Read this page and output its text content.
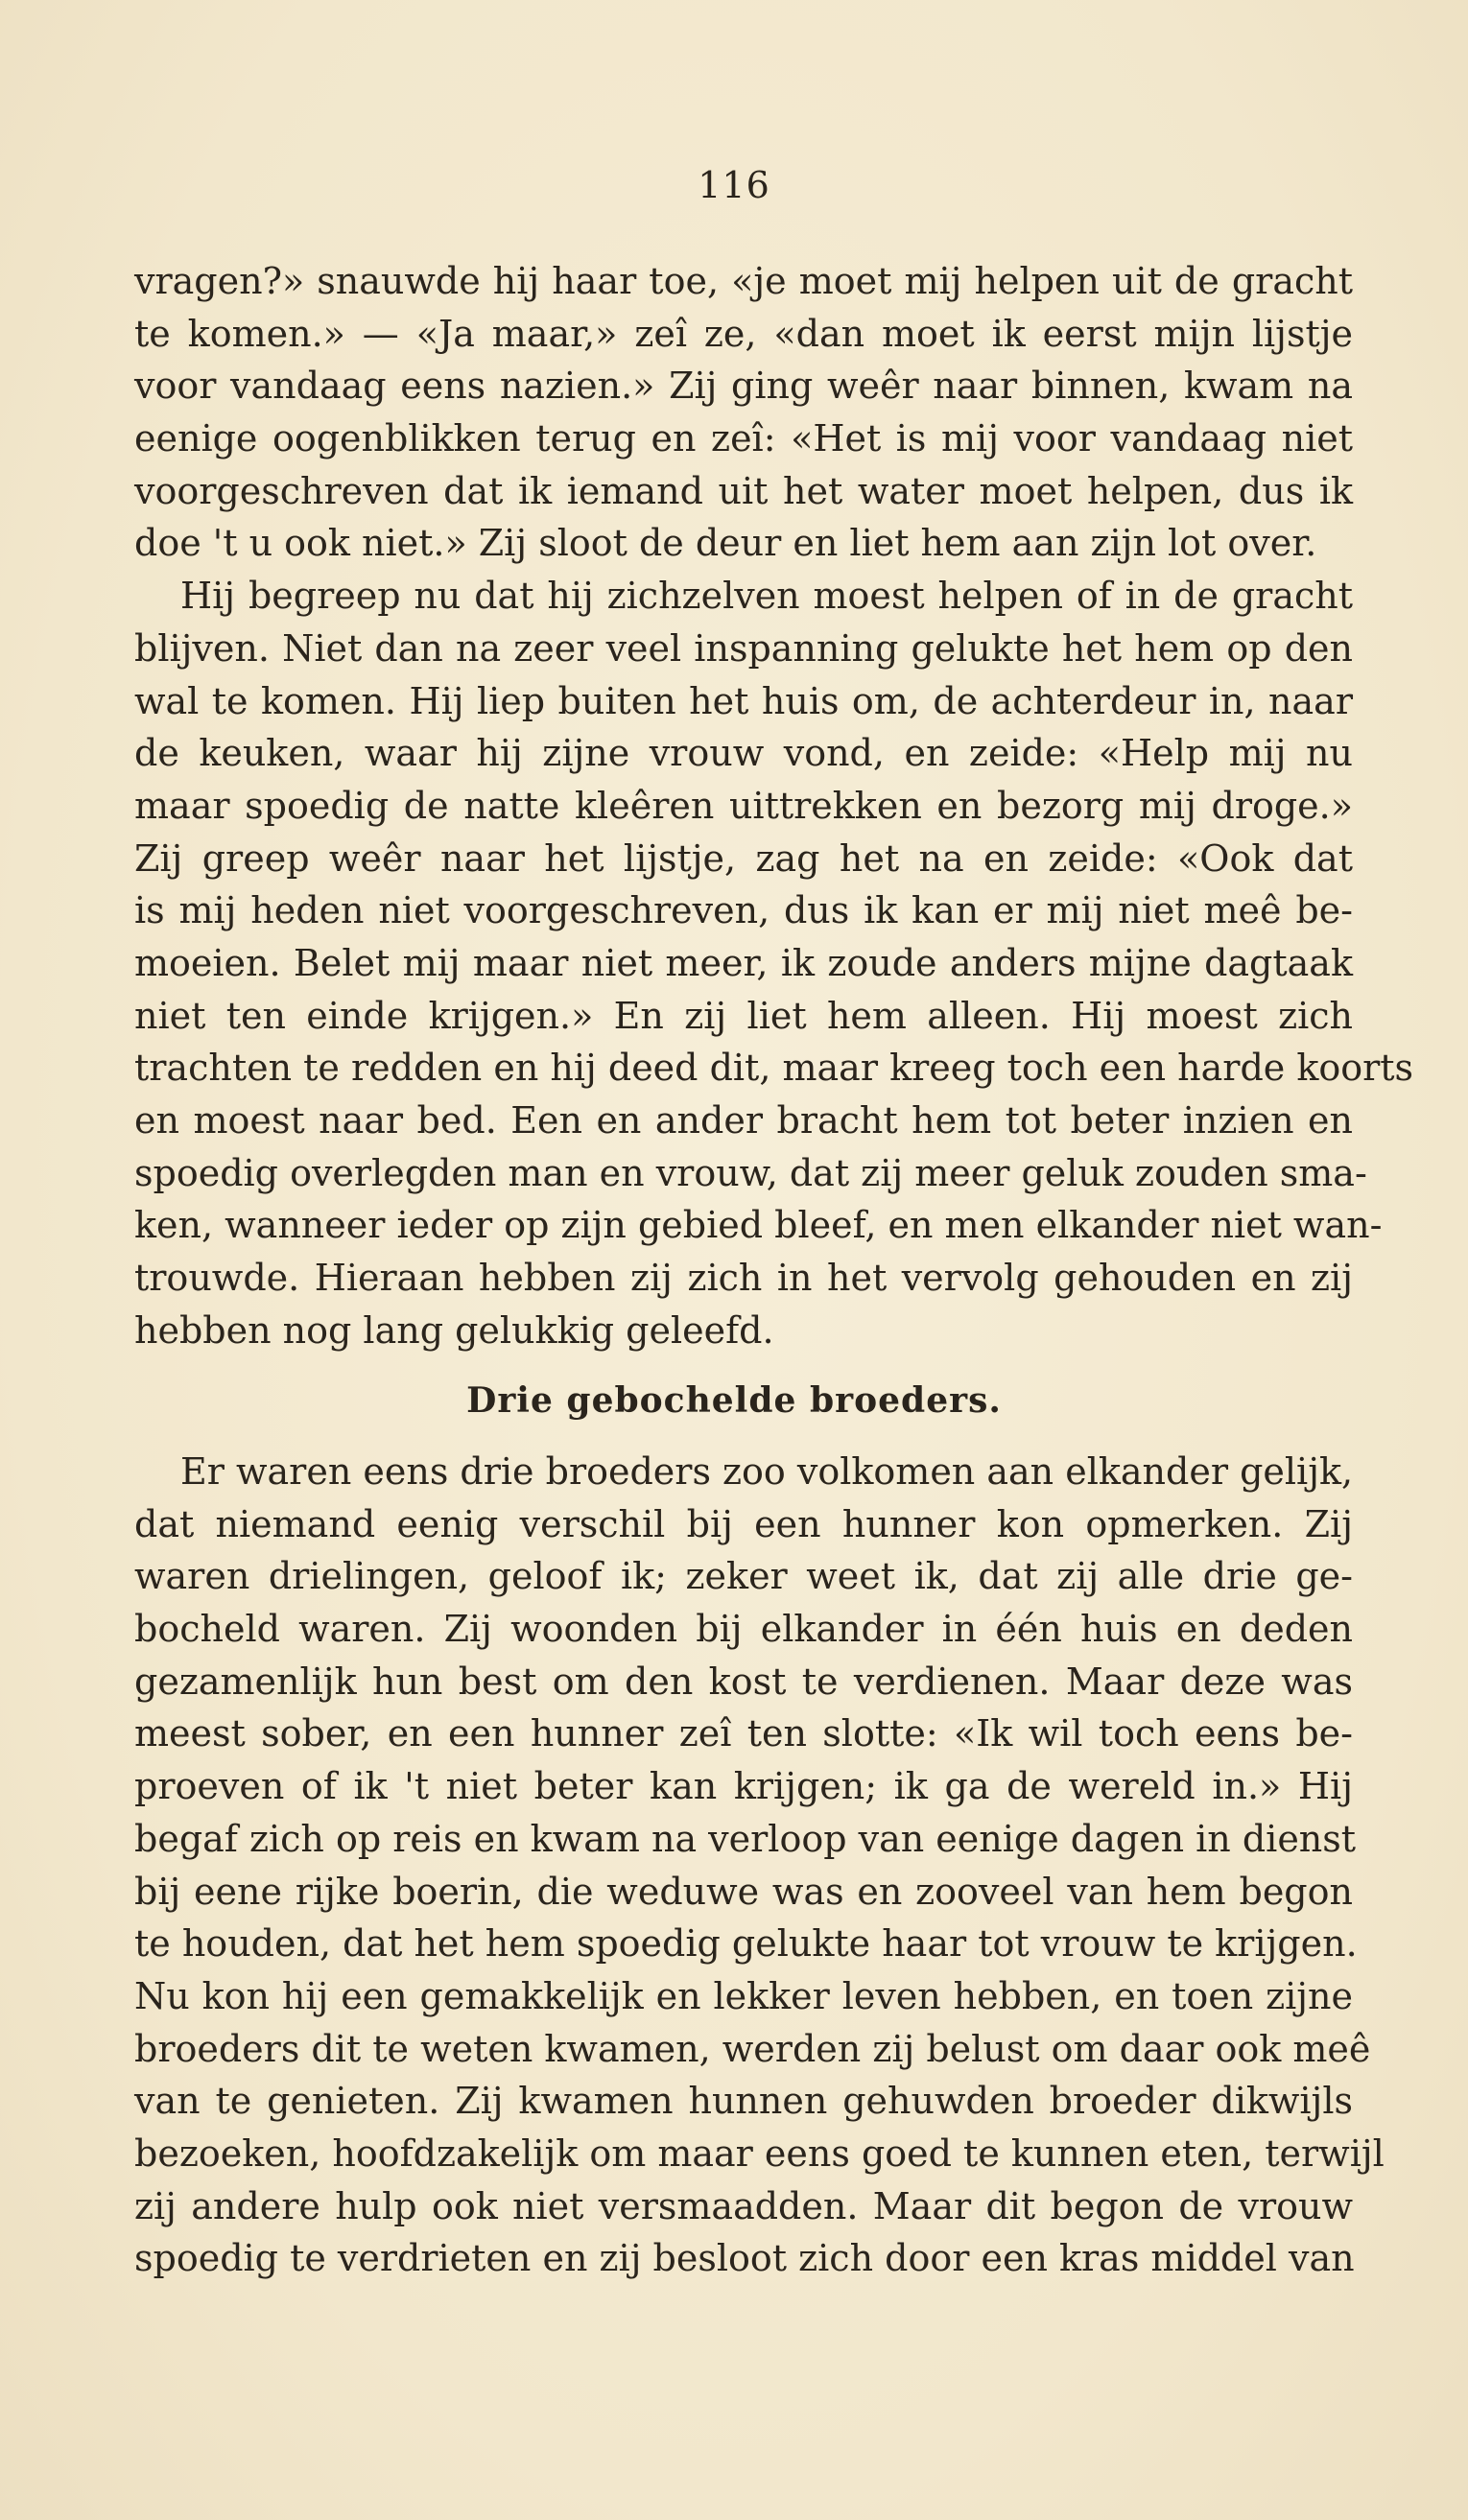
116
vragen?» snauwde hij haar toe, «je moet mij helpen uit de gracht
te komen.» — «Ja maar,» zeî ze, «dan moet ik eerst mijn lijstje
voor vandaag eens nazien.» Zij ging weêr naar binnen, kwam na
eenige oogenblikken terug en zeî: «Het is mij voor vandaag niet
voorgeschreven dat ik iemand uit het water moet helpen, dus ik
doe 't u ook niet.» Zij sloot de deur en liet hem aan zijn lot over.
Hij begreep nu dat hij zichzelven moest helpen of in de gracht
blijven. Niet dan na zeer veel inspanning gelukte het hem op den
wal te komen. Hij liep buiten het huis om, de achterdeur in, naar
de keuken, waar hij zijne vrouw vond, en zeide: «Help mij nu
maar spoedig de natte kleêren uittrekken en bezorg mij droge.»
Zij greep weêr naar het lijstje, zag het na en zeide: «Ook dat
is mij heden niet voorgeschreven, dus ik kan er mij niet meê be-
moeien. Belet mij maar niet meer, ik zoude anders mijne dagtaak
niet ten einde krijgen.» En zij liet hem alleen. Hij moest zich
trachten te redden en hij deed dit, maar kreeg toch een harde koorts
en moest naar bed. Een en ander bracht hem tot beter inzien en
spoedig overlegden man en vrouw, dat zij meer geluk zouden sma-
ken, wanneer ieder op zijn gebied bleef, en men elkander niet wan-
trouwde. Hieraan hebben zij zich in het vervolg gehouden en zij
hebben nog lang gelukkig geleefd.
Drie gebochelde broeders.
Er waren eens drie broeders zoo volkomen aan elkander gelijk,
dat niemand eenig verschil bij een hunner kon opmerken. Zij
waren drielingen, geloof ik; zeker weet ik, dat zij alle drie ge-
bocheld waren. Zij woonden bij elkander in één huis en deden
gezamenlijk hun best om den kost te verdienen. Maar deze was
meest sober, en een hunner zeî ten slotte: «Ik wil toch eens be-
proeven of ik 't niet beter kan krijgen; ik ga de wereld in.» Hij
begaf zich op reis en kwam na verloop van eenige dagen in dienst
bij eene rijke boerin, die weduwe was en zooveel van hem begon
te houden, dat het hem spoedig gelukte haar tot vrouw te krijgen.
Nu kon hij een gemakkelijk en lekker leven hebben, en toen zijne
broeders dit te weten kwamen, werden zij belust om daar ook meê
van te genieten. Zij kwamen hunnen gehuwden broeder dikwijls
bezoeken, hoofdzakelijk om maar eens goed te kunnen eten, terwijl
zij andere hulp ook niet versmaadden. Maar dit begon de vrouw
spoedig te verdrieten en zij besloot zich door een kras middel van
